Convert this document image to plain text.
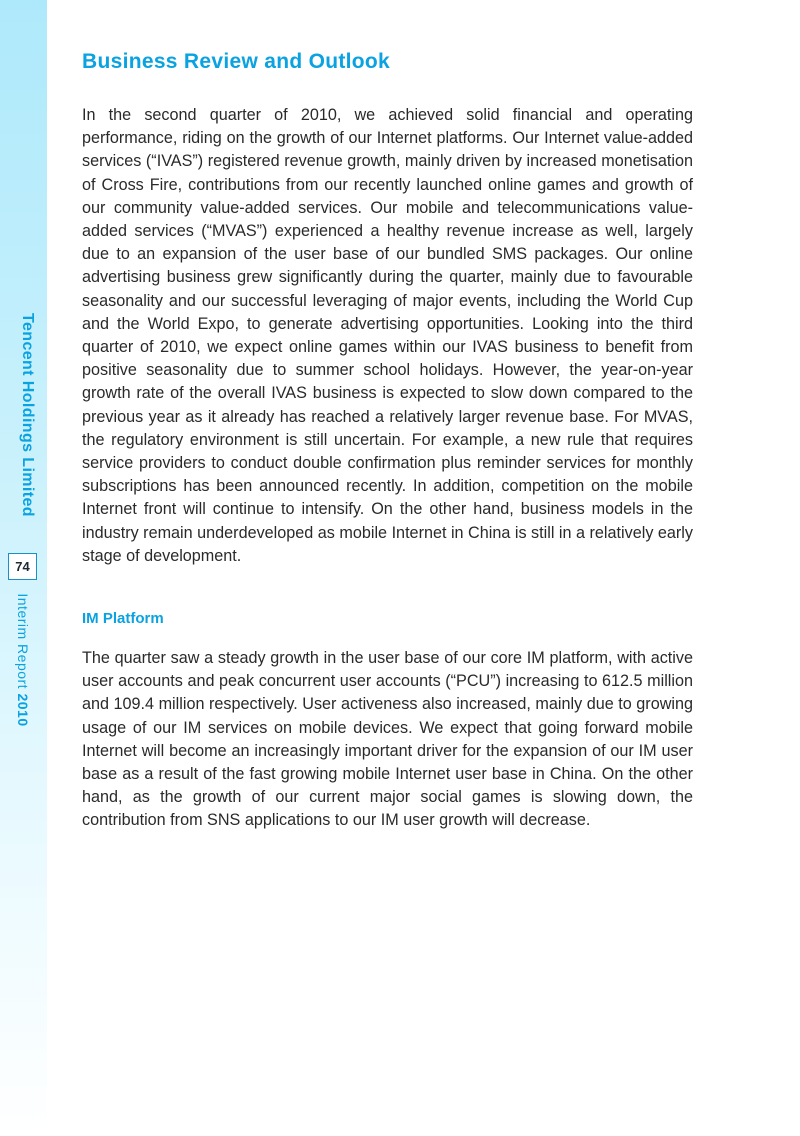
Tencent Holdings Limited
74
Interim Report 2010
Business Review and Outlook

In the second quarter of 2010, we achieved solid financial and operating performance, riding on the growth of our Internet platforms. Our Internet value-added services (“IVAS”) registered revenue growth, mainly driven by increased monetisation of Cross Fire, contributions from our recently launched online games and growth of our community value-added services. Our mobile and telecommunications value-added services (“MVAS”) experienced a healthy revenue increase as well, largely due to an expansion of the user base of our bundled SMS packages. Our online advertising business grew significantly during the quarter, mainly due to favourable seasonality and our successful leveraging of major events, including the World Cup and the World Expo, to generate advertising opportunities. Looking into the third quarter of 2010, we expect online games within our IVAS business to benefit from positive seasonality due to summer school holidays. However, the year-on-year growth rate of the overall IVAS business is expected to slow down compared to the previous year as it already has reached a relatively larger revenue base. For MVAS, the regulatory environment is still uncertain. For example, a new rule that requires service providers to conduct double confirmation plus reminder services for monthly subscriptions has been announced recently. In addition, competition on the mobile Internet front will continue to intensify. On the other hand, business models in the industry remain underdeveloped as mobile Internet in China is still in a relatively early stage of development.

IM Platform

The quarter saw a steady growth in the user base of our core IM platform, with active user accounts and peak concurrent user accounts (“PCU”) increasing to 612.5 million and 109.4 million respectively. User activeness also increased, mainly due to growing usage of our IM services on mobile devices. We expect that going forward mobile Internet will become an increasingly important driver for the expansion of our IM user base as a result of the fast growing mobile Internet user base in China. On the other hand, as the growth of our current major social games is slowing down, the contribution from SNS applications to our IM user growth will decrease.
